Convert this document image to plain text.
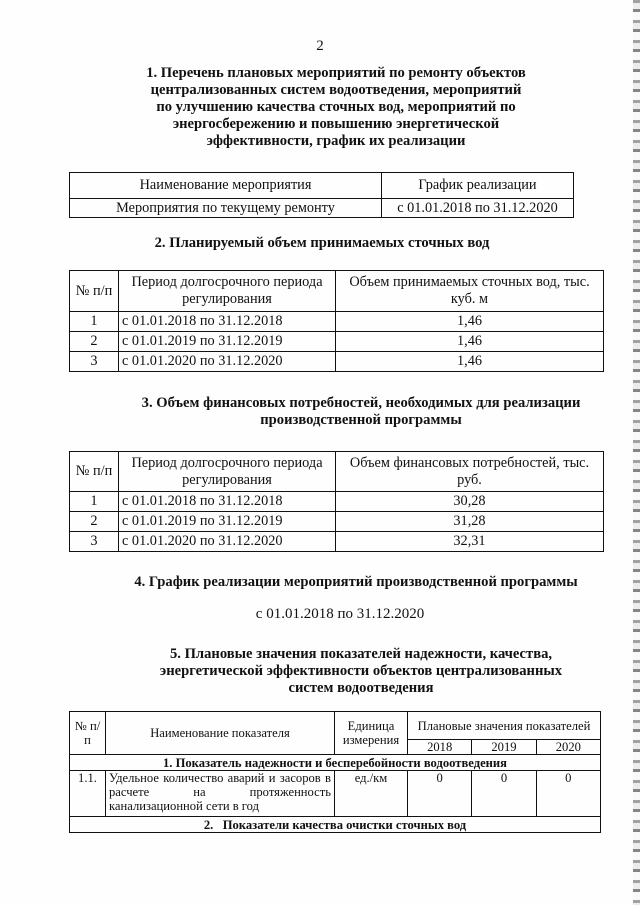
2
1. Перечень плановых мероприятий по ремонту объектов
централизованных систем водоотведения, мероприятий
по улучшению качества сточных вод, мероприятий по
энергосбережению и повышению энергетической
эффективности, график их реализации
Наименование мероприятия	График реализации
Мероприятия по текущему ремонту	с 01.01.2018 по 31.12.2020
2. Планируемый объем принимаемых сточных вод
№ п/п	Период долгосрочного периода регулирования	Объем принимаемых сточных вод, тыс. куб. м
1	с 01.01.2018 по 31.12.2018	1,46
2	с 01.01.2019 по 31.12.2019	1,46
3	с 01.01.2020 по 31.12.2020	1,46
3. Объем финансовых потребностей, необходимых для реализации
производственной программы
№ п/п	Период долгосрочного периода регулирования	Объем финансовых потребностей, тыс. руб.
1	с 01.01.2018 по 31.12.2018	30,28
2	с 01.01.2019 по 31.12.2019	31,28
3	с 01.01.2020 по 31.12.2020	32,31
4. График реализации мероприятий производственной программы
с 01.01.2018 по 31.12.2020
5. Плановые значения показателей надежности, качества,
энергетической эффективности объектов централизованных
систем водоотведения
№ п/п	Наименование показателя	Единица измерения	Плановые значения показателей		
			2018	2019	2020
1. Показатель надежности и бесперебойности водоотведения					
1.1.	Удельное количество аварий и засоров в расчете на протяженность канализационной сети в год	ед./км	0	0	0
2.   Показатели качества очистки сточных вод					
